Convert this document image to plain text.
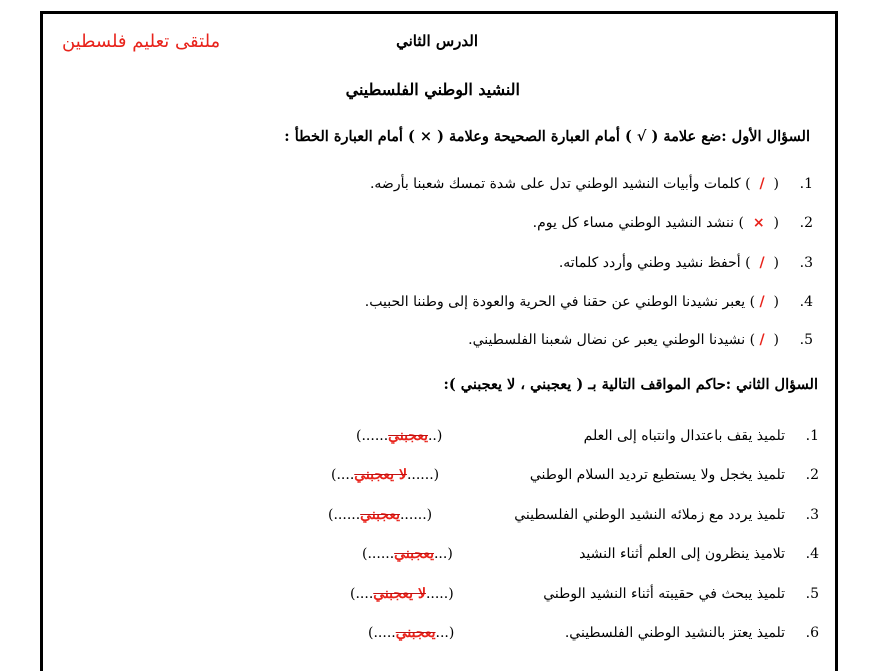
ملتقى تعليم فلسطين	الدرس الثاني
النشيد الوطني الفلسطيني
السؤال الأول :ضع علامة ( √ ) أمام العبارة الصحيحة وعلامة ( × ) أمام العبارة الخطأ :
1.
(  /  )
كلمات وأبيات النشيد الوطني تدل على شدة تمسك شعبنا بأرضه.
2.
(  ×  )
ننشد النشيد الوطني مساء كل يوم.
3.
(  /  )
أحفظ نشيد وطني وأردد كلماته.
4.
(  / )
يعبر نشيدنا الوطني عن حقنا في الحرية والعودة إلى وطننا الحبيب.
5.
(  / )
نشيدنا الوطني يعبر عن نضال شعبنا الفلسطيني.
السؤال الثاني :حاكم المواقف التالية بـ ( يعجبني ، لا يعجبني ):
1.
تلميذ يقف باعتدال وانتباه إلى العلم
(...... يعجبني ..)
2.
تلميذ يخجل ولا يستطيع ترديد السلام الوطني
(.... لا يعجبني ......)
3.
تلميذ يردد مع زملائه النشيد الوطني الفلسطيني
(...... يعجبني ......)
4.
تلاميذ ينظرون إلى العلم أثناء النشيد
(...... يعجبني ...)
5.
تلميذ يبحث في حقيبته أثناء النشيد الوطني
(.... لا يعجبني .....)
6.
تلميذ يعتز بالنشيد الوطني الفلسطيني.
(..... يعجبني ...)
